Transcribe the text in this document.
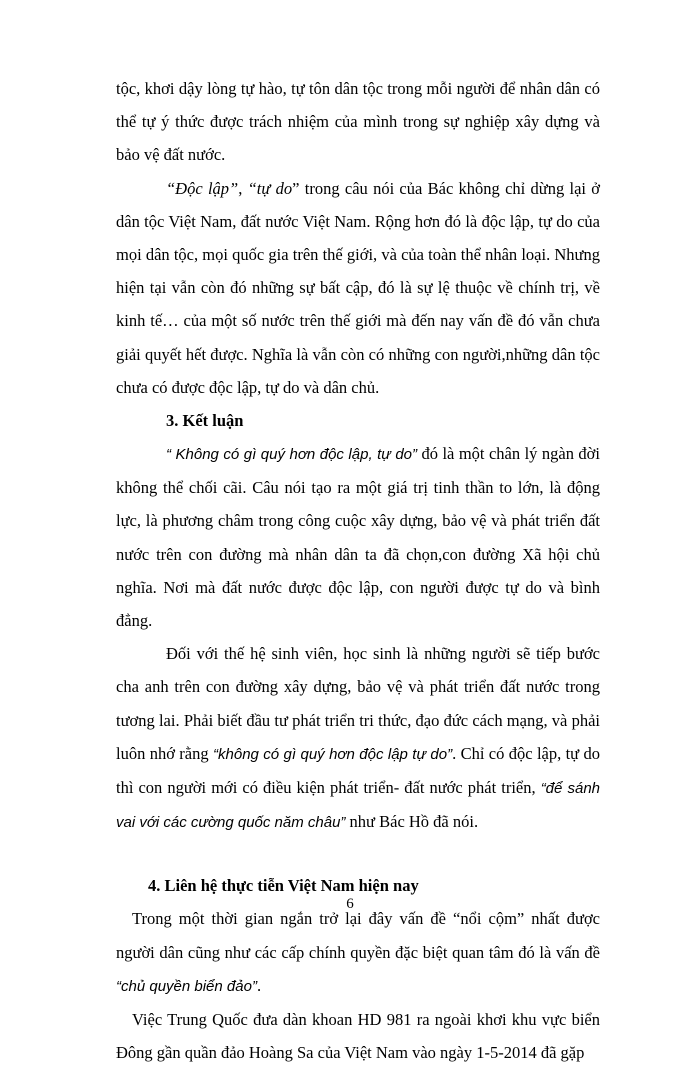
tộc, khơi dậy lòng tự hào, tự tôn dân tộc trong mỗi người để nhân dân có thể tự ý thức được trách nhiệm của mình trong sự nghiệp xây dựng và bảo vệ đất nước.

“Độc lập”, “tự do” trong câu nói của Bác không chỉ dừng lại ở dân tộc Việt Nam, đất nước Việt Nam. Rộng hơn đó là độc lập, tự do của mọi dân tộc, mọi quốc gia trên thế giới, và của toàn thể nhân loại. Nhưng hiện tại vẫn còn đó những sự bất cập, đó là sự lệ thuộc về chính trị, về kinh tế… của một số nước trên thế giới mà đến nay vấn đề đó vẫn chưa giải quyết hết được. Nghĩa là vẫn còn có những con người,những dân tộc chưa có được độc lập, tự do và dân chủ.

3. Kết luận

“ Không có gì quý hơn độc lập, tự do” đó là một chân lý ngàn đời không thể chối cãi. Câu nói tạo ra một giá trị tinh thần to lớn, là động lực, là phương châm trong công cuộc xây dựng, bảo vệ và phát triển đất nước trên con đường mà nhân dân ta đã chọn,con đường Xã hội chủ nghĩa. Nơi mà đất nước được độc lập, con người được tự do và bình đẳng.

Đối với thế hệ sinh viên, học sinh là những người sẽ tiếp bước cha anh trên con đường xây dựng, bảo vệ và phát triển đất nước trong tương lai. Phải biết đầu tư phát triển tri thức, đạo đức cách mạng, và phải luôn nhớ rằng “không có gì quý hơn độc lập tự do”. Chỉ có độc lập, tự do thì con người mới có điều kiện phát triển- đất nước phát triển, “để sánh vai với các cường quốc năm châu” như Bác Hồ đã nói.

4. Liên hệ thực tiễn Việt Nam hiện nay

Trong một thời gian ngắn trở lại đây vấn đề “nổi cộm” nhất được người dân cũng như các cấp chính quyền đặc biệt quan tâm đó là vấn đề “chủ quyền biển đảo”.

Việc Trung Quốc đưa dàn khoan HD 981 ra ngoài khơi khu vực biển Đông gần quần đảo Hoàng Sa của Việt Nam vào ngày 1-5-2014 đã gặp

6
